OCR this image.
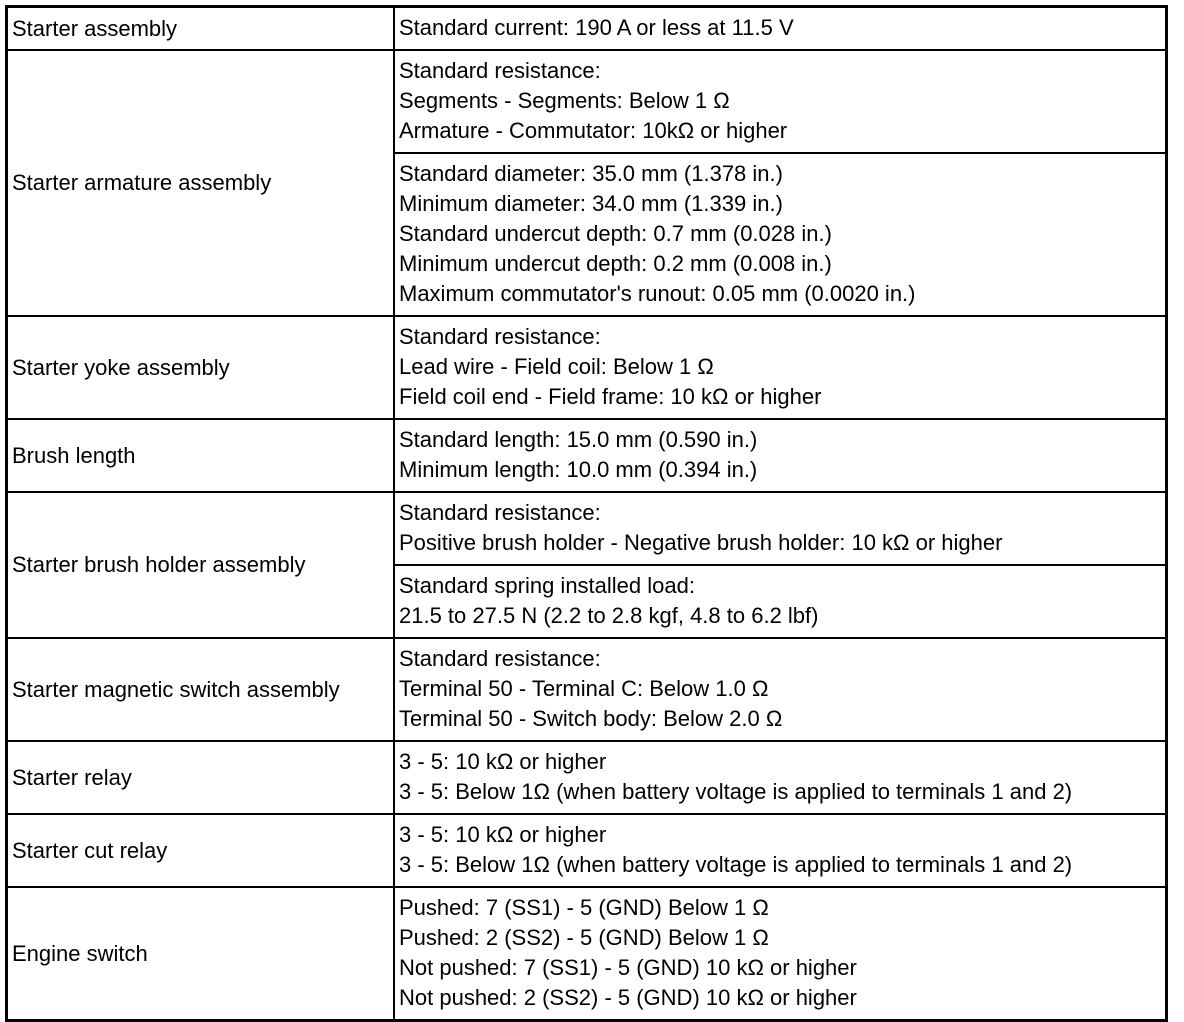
Starter assembly	Standard current: 190 A or less at 11.5 V

Starter armature assembly	Standard resistance:
Segments - Segments: Below 1 Ω
Armature - Commutator: 10kΩ or higher

	Standard diameter: 35.0 mm (1.378 in.)
Minimum diameter: 34.0 mm (1.339 in.)
Standard undercut depth: 0.7 mm (0.028 in.)
Minimum undercut depth: 0.2 mm (0.008 in.)
Maximum commutator's runout: 0.05 mm (0.0020 in.)

Starter yoke assembly	Standard resistance:
Lead wire - Field coil: Below 1 Ω
Field coil end - Field frame: 10 kΩ or higher

Brush length	Standard length: 15.0 mm (0.590 in.)
Minimum length: 10.0 mm (0.394 in.)

Starter brush holder assembly	Standard resistance:
Positive brush holder - Negative brush holder: 10 kΩ or higher

	Standard spring installed load:
21.5 to 27.5 N (2.2 to 2.8 kgf, 4.8 to 6.2 lbf)

Starter magnetic switch assembly	Standard resistance:
Terminal 50 - Terminal C: Below 1.0 Ω
Terminal 50 - Switch body: Below 2.0 Ω

Starter relay	3 - 5: 10 kΩ or higher
3 - 5: Below 1Ω (when battery voltage is applied to terminals 1 and 2)

Starter cut relay	3 - 5: 10 kΩ or higher
3 - 5: Below 1Ω (when battery voltage is applied to terminals 1 and 2)

Engine switch	Pushed: 7 (SS1) - 5 (GND) Below 1 Ω
Pushed: 2 (SS2) - 5 (GND) Below 1 Ω
Not pushed: 7 (SS1) - 5 (GND) 10 kΩ or higher
Not pushed: 2 (SS2) - 5 (GND) 10 kΩ or higher
